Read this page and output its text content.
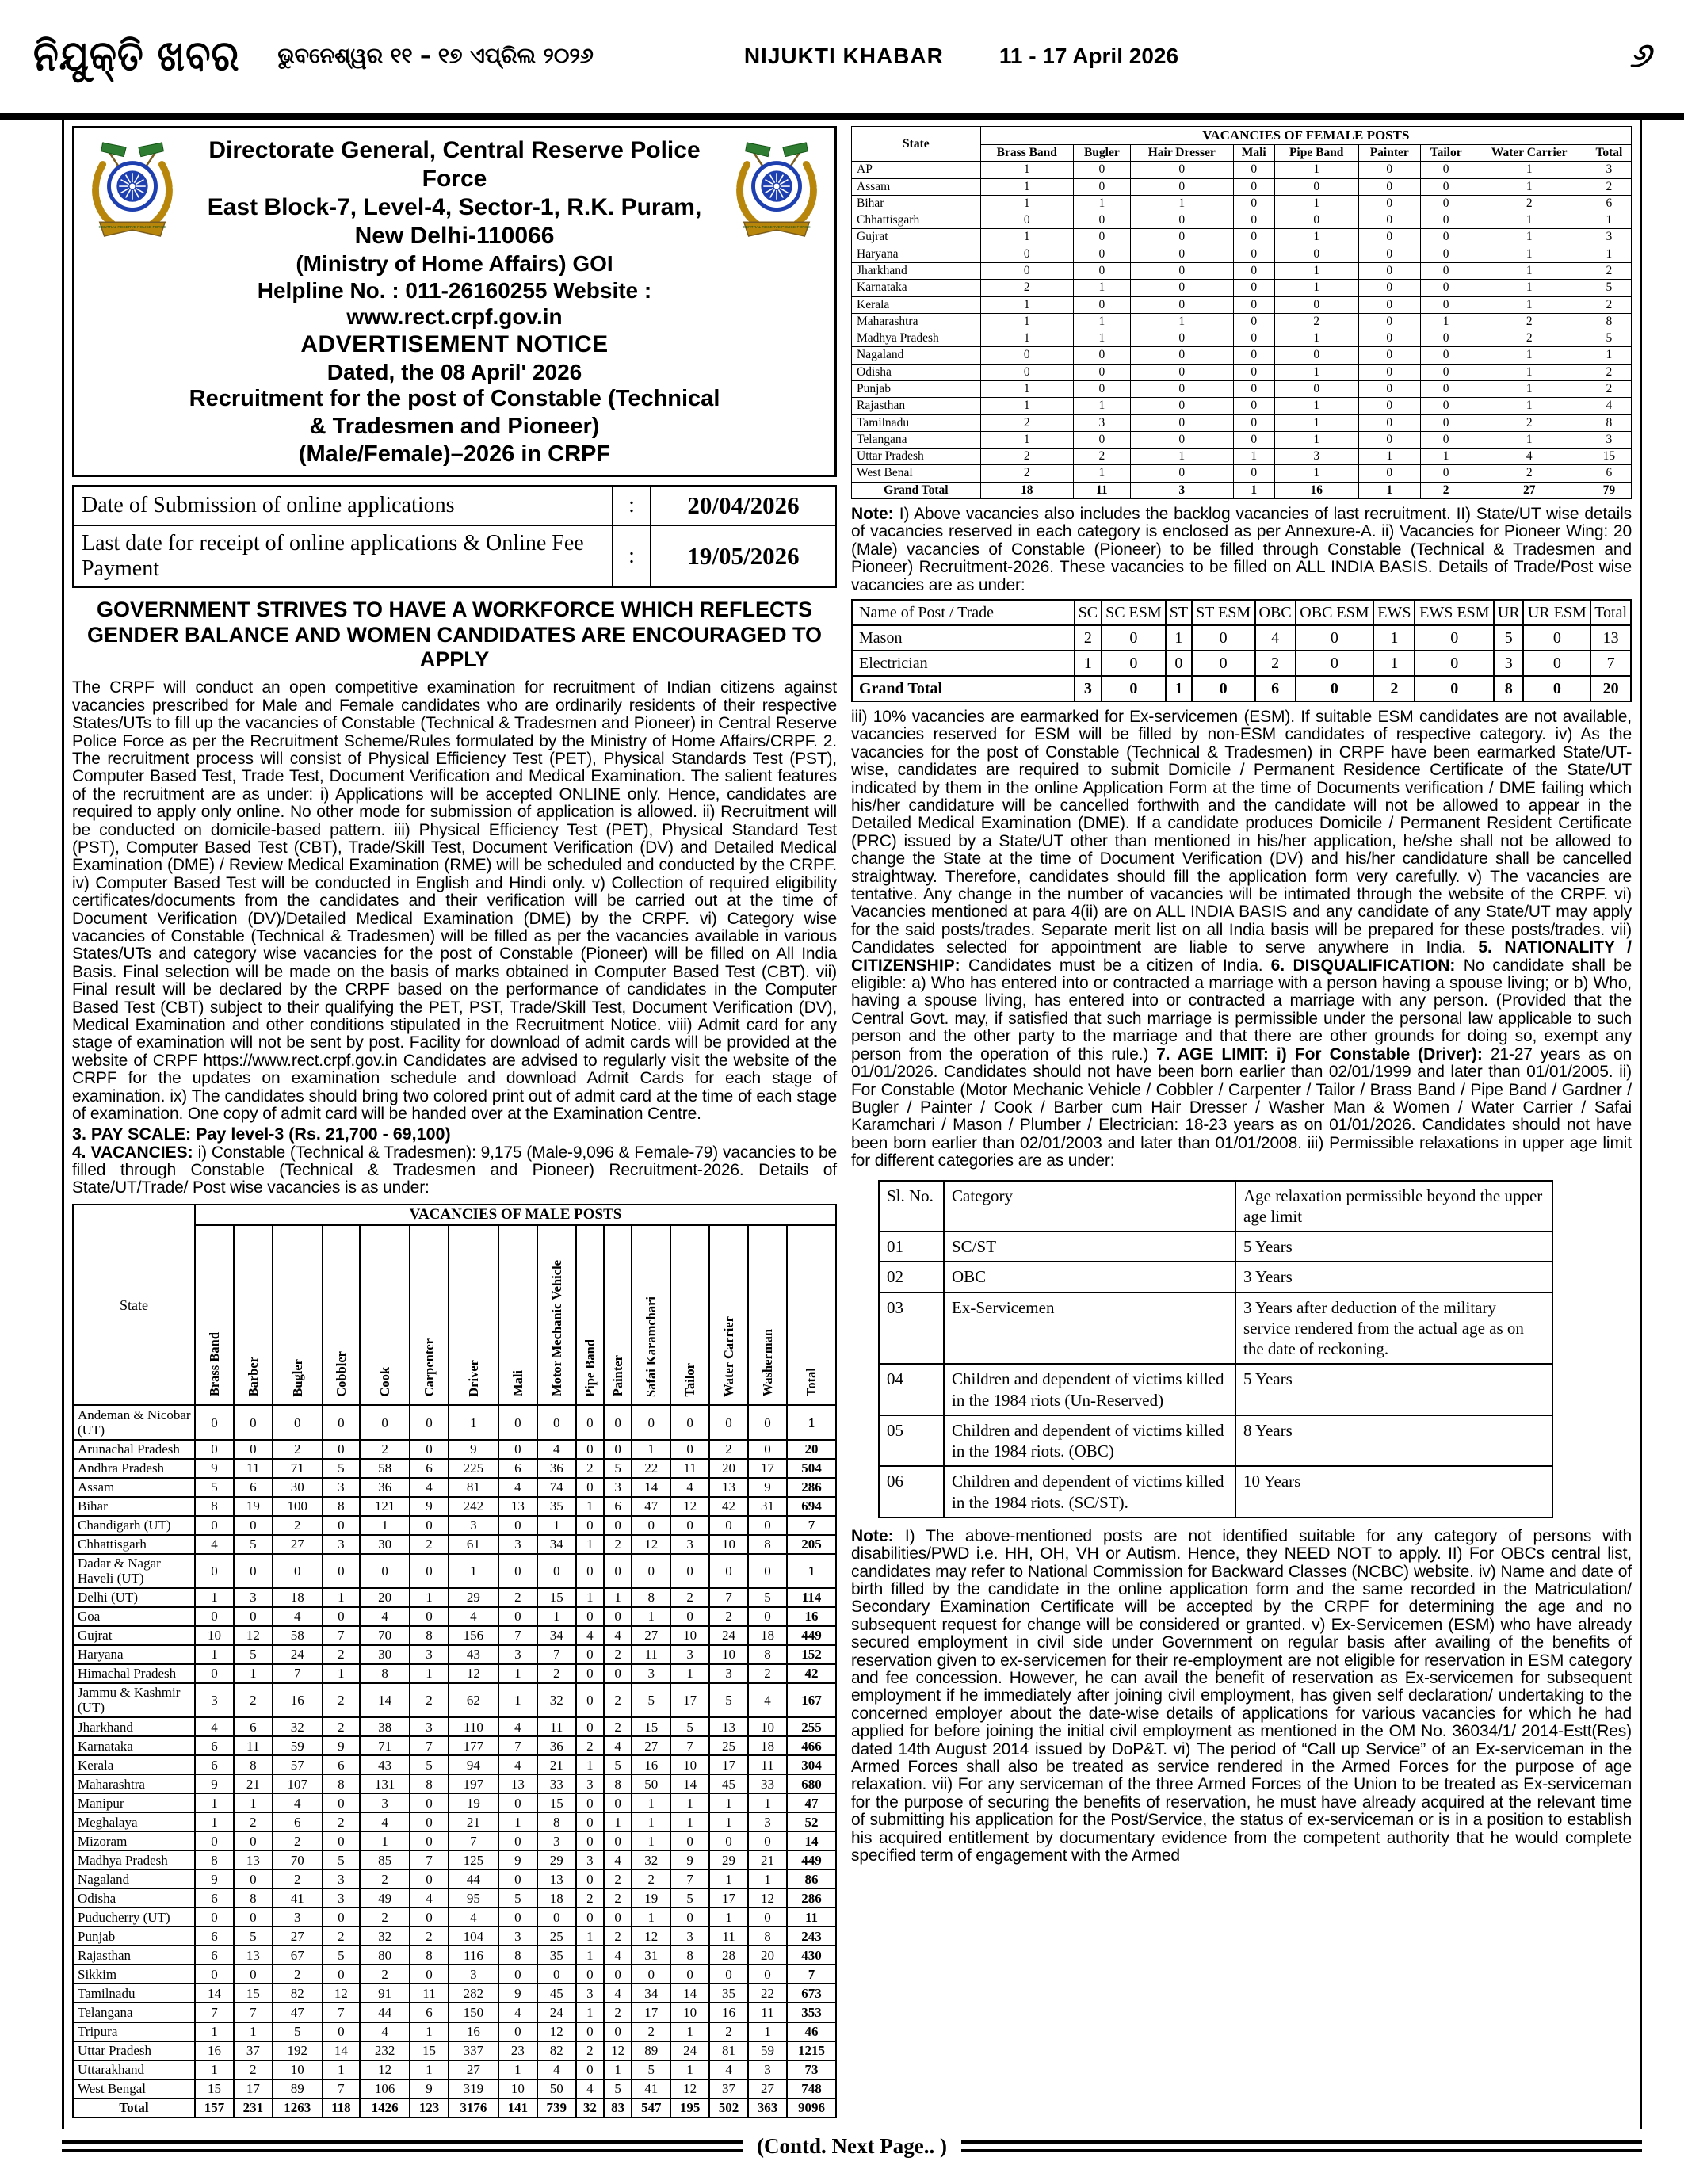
ନିଯୁକ୍ତି ଖବର ଭୁବନେଶ୍ୱର ୧୧ – ୧୭ ଏପ୍ରିଲ ୨୦୨୬	NIJUKTI KHABAR	11 - 17 April 2026	୬
CENTRAL RESERVE POLICE FORCE	CENTRAL RESERVE POLICE FORCE
Directorate General, Central Reserve Police Force
East Block-7, Level-4, Sector-1, R.K. Puram, New Delhi-110066
(Ministry of Home Affairs) GOI
Helpline No. : 011-26160255 Website : www.rect.crpf.gov.in
ADVERTISEMENT NOTICE
Dated, the 08 April' 2026
Recruitment for the post of Constable (Technical & Tradesmen and Pioneer)
(Male/Female)–2026 in CRPF
Date of Submission of online applications	:	20/04/2026
Last date for receipt of online applications & Online Fee Payment	:	19/05/2026
GOVERNMENT STRIVES TO HAVE A WORKFORCE WHICH REFLECTS GENDER BALANCE AND WOMEN CANDIDATES ARE ENCOURAGED TO APPLY
The CRPF will conduct an open competitive examination for recruitment of Indian citizens against vacancies prescribed for Male and Female candidates who are ordinarily residents of their respective States/UTs to fill up the vacancies of Constable (Technical & Tradesmen and Pioneer) in Central Reserve Police Force as per the Recruitment Scheme/Rules formulated by the Ministry of Home Affairs/CRPF. 2. The recruitment process will consist of Physical Efficiency Test (PET), Physical Standards Test (PST), Computer Based Test, Trade Test, Document Verification and Medical Examination. The salient features of the recruitment are as under: i) Applications will be accepted ONLINE only. Hence, candidates are required to apply only online. No other mode for submission of application is allowed. ii) Recruitment will be conducted on domicile-based pattern. iii) Physical Efficiency Test (PET), Physical Standard Test (PST), Computer Based Test (CBT), Trade/Skill Test, Document Verification (DV) and Detailed Medical Examination (DME) / Review Medical Examination (RME) will be scheduled and conducted by the CRPF. iv) Computer Based Test will be conducted in English and Hindi only. v) Collection of required eligibility certificates/documents from the candidates and their verification will be carried out at the time of Document Verification (DV)/Detailed Medical Examination (DME) by the CRPF. vi) Category wise vacancies of Constable (Technical & Tradesmen) will be filled as per the vacancies available in various States/UTs and category wise vacancies for the post of Constable (Pioneer) will be filled on All India Basis. Final selection will be made on the basis of marks obtained in Computer Based Test (CBT). vii) Final result will be declared by the CRPF based on the performance of candidates in the Computer Based Test (CBT) subject to their qualifying the PET, PST, Trade/Skill Test, Document Verification (DV), Medical Examination and other conditions stipulated in the Recruitment Notice. viii) Admit card for any stage of examination will not be sent by post. Facility for download of admit cards will be provided at the website of CRPF https://www.rect.crpf.gov.in Candidates are advised to regularly visit the website of the CRPF for the updates on examination schedule and download Admit Cards for each stage of examination. ix) The candidates should bring two colored print out of admit card at the time of each stage of examination. One copy of admit card will be handed over at the Examination Centre.
3. PAY SCALE: Pay level-3 (Rs. 21,700 - 69,100)
4. VACANCIES: i) Constable (Technical & Tradesmen): 9,175 (Male-9,096 & Female-79) vacancies to be filled through Constable (Technical & Tradesmen and Pioneer) Recruitment-2026. Details of State/UT/Trade/ Post wise vacancies is as under:
State	VACANCIES OF MALE POSTS															
	Brass Band	Barber	Bugler	Cobbler	Cook	Carpenter	Driver	Mali	Motor Mechanic Vehicle	Pipe Band	Painter	Safai Karamchari	Tailor	Water Carrier	Washerman	Total
Andeman & Nicobar (UT)	0	0	0	0	0	0	1	0	0	0	0	0	0	0	0	1
Arunachal Pradesh	0	0	2	0	2	0	9	0	4	0	0	1	0	2	0	20
Andhra Pradesh	9	11	71	5	58	6	225	6	36	2	5	22	11	20	17	504
Assam	5	6	30	3	36	4	81	4	74	0	3	14	4	13	9	286
Bihar	8	19	100	8	121	9	242	13	35	1	6	47	12	42	31	694
Chandigarh (UT)	0	0	2	0	1	0	3	0	1	0	0	0	0	0	0	7
Chhattisgarh	4	5	27	3	30	2	61	3	34	1	2	12	3	10	8	205
Dadar & Nagar Haveli (UT)	0	0	0	0	0	0	1	0	0	0	0	0	0	0	0	1
Delhi (UT)	1	3	18	1	20	1	29	2	15	1	1	8	2	7	5	114
Goa	0	0	4	0	4	0	4	0	1	0	0	1	0	2	0	16
Gujrat	10	12	58	7	70	8	156	7	34	4	4	27	10	24	18	449
Haryana	1	5	24	2	30	3	43	3	7	0	2	11	3	10	8	152
Himachal Pradesh	0	1	7	1	8	1	12	1	2	0	0	3	1	3	2	42
Jammu & Kashmir (UT)	3	2	16	2	14	2	62	1	32	0	2	5	17	5	4	167
Jharkhand	4	6	32	2	38	3	110	4	11	0	2	15	5	13	10	255
Karnataka	6	11	59	9	71	7	177	7	36	2	4	27	7	25	18	466
Kerala	6	8	57	6	43	5	94	4	21	1	5	16	10	17	11	304
Maharashtra	9	21	107	8	131	8	197	13	33	3	8	50	14	45	33	680
Manipur	1	1	4	0	3	0	19	0	15	0	0	1	1	1	1	47
Meghalaya	1	2	6	2	4	0	21	1	8	0	1	1	1	1	3	52
Mizoram	0	0	2	0	1	0	7	0	3	0	0	1	0	0	0	14
Madhya Pradesh	8	13	70	5	85	7	125	9	29	3	4	32	9	29	21	449
Nagaland	9	0	2	3	2	0	44	0	13	0	2	2	7	1	1	86
Odisha	6	8	41	3	49	4	95	5	18	2	2	19	5	17	12	286
Puducherry (UT)	0	0	3	0	2	0	4	0	0	0	0	1	0	1	0	11
Punjab	6	5	27	2	32	2	104	3	25	1	2	12	3	11	8	243
Rajasthan	6	13	67	5	80	8	116	8	35	1	4	31	8	28	20	430
Sikkim	0	0	2	0	2	0	3	0	0	0	0	0	0	0	0	7
Tamilnadu	14	15	82	12	91	11	282	9	45	3	4	34	14	35	22	673
Telangana	7	7	47	7	44	6	150	4	24	1	2	17	10	16	11	353
Tripura	1	1	5	0	4	1	16	0	12	0	0	2	1	2	1	46
Uttar Pradesh	16	37	192	14	232	15	337	23	82	2	12	89	24	81	59	1215
Uttarakhand	1	2	10	1	12	1	27	1	4	0	1	5	1	4	3	73
West Bengal	15	17	89	7	106	9	319	10	50	4	5	41	12	37	27	748
Total	157	231	1263	118	1426	123	3176	141	739	32	83	547	195	502	363	9096
State	VACANCIES OF FEMALE POSTS								
	Brass Band	Bugler	Hair Dresser	Mali	Pipe Band	Painter	Tailor	Water Carrier	Total
AP	1	0	0	0	1	0	0	1	3
Assam	1	0	0	0	0	0	0	1	2
Bihar	1	1	1	0	1	0	0	2	6
Chhattisgarh	0	0	0	0	0	0	0	1	1
Gujrat	1	0	0	0	1	0	0	1	3
Haryana	0	0	0	0	0	0	0	1	1
Jharkhand	0	0	0	0	1	0	0	1	2
Karnataka	2	1	0	0	1	0	0	1	5
Kerala	1	0	0	0	0	0	0	1	2
Maharashtra	1	1	1	0	2	0	1	2	8
Madhya Pradesh	1	1	0	0	1	0	0	2	5
Nagaland	0	0	0	0	0	0	0	1	1
Odisha	0	0	0	0	1	0	0	1	2
Punjab	1	0	0	0	0	0	0	1	2
Rajasthan	1	1	0	0	1	0	0	1	4
Tamilnadu	2	3	0	0	1	0	0	2	8
Telangana	1	0	0	0	1	0	0	1	3
Uttar Pradesh	2	2	1	1	3	1	1	4	15
West Benal	2	1	0	0	1	0	0	2	6
Grand Total	18	11	3	1	16	1	2	27	79
Note: I) Above vacancies also includes the backlog vacancies of last recruitment. II) State/UT wise details of vacancies reserved in each category is enclosed as per Annexure-A. ii) Vacancies for Pioneer Wing: 20 (Male) vacancies of Constable (Pioneer) to be filled through Constable (Technical & Tradesmen and Pioneer) Recruitment-2026. These vacancies to be filled on ALL INDIA BASIS. Details of Trade/Post wise vacancies are as under:
Name of Post / Trade	SC	SC ESM	ST	ST ESM	OBC	OBC ESM	EWS	EWS ESM	UR	UR ESM	Total
Mason	2	0	1	0	4	0	1	0	5	0	13
Electrician	1	0	0	0	2	0	1	0	3	0	7
Grand Total	3	0	1	0	6	0	2	0	8	0	20
iii) 10% vacancies are earmarked for Ex-servicemen (ESM). If suitable ESM candidates are not available, vacancies reserved for ESM will be filled by non-ESM candidates of respective category. iv) As the vacancies for the post of Constable (Technical & Tradesmen) in CRPF have been earmarked State/UT-wise, candidates are required to submit Domicile / Permanent Residence Certificate of the State/UT indicated by them in the online Application Form at the time of Documents verification / DME failing which his/her candidature will be cancelled forthwith and the candidate will not be allowed to appear in the Detailed Medical Examination (DME). If a candidate produces Domicile / Permanent Resident Certificate (PRC) issued by a State/UT other than mentioned in his/her application, he/she shall not be allowed to change the State at the time of Document Verification (DV) and his/her candidature shall be cancelled straightway. Therefore, candidates should fill the application form very carefully. v) The vacancies are tentative. Any change in the number of vacancies will be intimated through the website of the CRPF. vi) Vacancies mentioned at para 4(ii) are on ALL INDIA BASIS and any candidate of any State/UT may apply for the said posts/trades. Separate merit list on all India basis will be prepared for these posts/trades. vii) Candidates selected for appointment are liable to serve anywhere in India. 5. NATIONALITY / CITIZENSHIP: Candidates must be a citizen of India. 6. DISQUALIFICATION: No candidate shall be eligible: a) Who has entered into or contracted a marriage with a person having a spouse living; or b) Who, having a spouse living, has entered into or contracted a marriage with any person. (Provided that the Central Govt. may, if satisfied that such marriage is permissible under the personal law applicable to such person and the other party to the marriage and that there are other grounds for doing so, exempt any person from the operation of this rule.) 7. AGE LIMIT: i) For Constable (Driver): 21-27 years as on 01/01/2026. Candidates should not have been born earlier than 02/01/1999 and later than 01/01/2005. ii) For Constable (Motor Mechanic Vehicle / Cobbler / Carpenter / Tailor / Brass Band / Pipe Band / Gardner / Bugler / Painter / Cook / Barber cum Hair Dresser / Washer Man & Women / Water Carrier / Safai Karamchari / Mason / Plumber / Electrician: 18-23 years as on 01/01/2026. Candidates should not have been born earlier than 02/01/2003 and later than 01/01/2008. iii) Permissible relaxations in upper age limit for different categories are as under:
Sl. No.	Category	Age relaxation permissible beyond the upper age limit
01	SC/ST	5 Years
02	OBC	3 Years
03	Ex-Servicemen	3 Years after deduction of the military service rendered from the actual age as on the date of reckoning.
04	Children and dependent of victims killed in the 1984 riots (Un-Reserved)	5 Years
05	Children and dependent of victims killed in the 1984 riots. (OBC)	8 Years
06	Children and dependent of victims killed in the 1984 riots. (SC/ST).	10 Years
Note: I) The above-mentioned posts are not identified suitable for any category of persons with disabilities/PWD i.e. HH, OH, VH or Autism. Hence, they NEED NOT to apply. II) For OBCs central list, candidates may refer to National Commission for Backward Classes (NCBC) website. iv) Name and date of birth filled by the candidate in the online application form and the same recorded in the Matriculation/ Secondary Examination Certificate will be accepted by the CRPF for determining the age and no subsequent request for change will be considered or granted. v) Ex-Servicemen (ESM) who have already secured employment in civil side under Government on regular basis after availing of the benefits of reservation given to ex-servicemen for their re-employment are not eligible for reservation in ESM category and fee concession. However, he can avail the benefit of reservation as Ex-servicemen for subsequent employment if he immediately after joining civil employment, has given self declaration/ undertaking to the concerned employer about the date-wise details of applications for various vacancies for which he had applied for before joining the initial civil employment as mentioned in the OM No. 36034/1/ 2014-Estt(Res) dated 14th August 2014 issued by DoP&T. vi) The period of “Call up Service” of an Ex-serviceman in the Armed Forces shall also be treated as service rendered in the Armed Forces for the purpose of age relaxation. vii) For any serviceman of the three Armed Forces of the Union to be treated as Ex-serviceman for the purpose of securing the benefits of reservation, he must have already acquired at the relevant time of submitting his application for the Post/Service, the status of ex-serviceman or is in a position to establish his acquired entitlement by documentary evidence from the competent authority that he would complete specified term of engagement with the Armed
(Contd. Next Page.. )
